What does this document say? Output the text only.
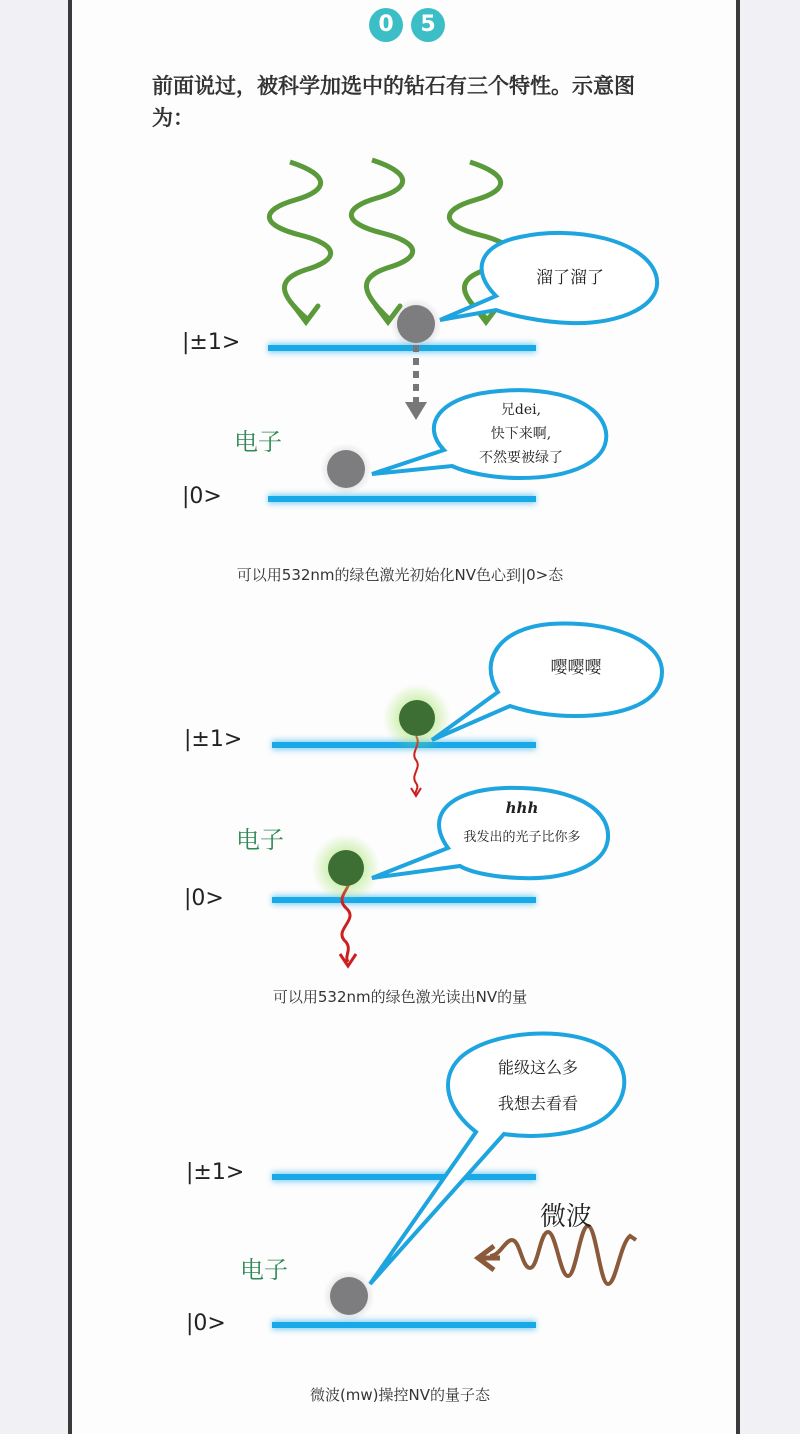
0	5
前面说过，被科学加选中的钻石有三个特性。示意图为：
|±1>
|0>
电子
溜了溜了
兄dei,
快下来啊,
不然要被绿了
可以用532nm的绿色激光初始化NV色心到|0>态
|±1>
|0>
电子
嘤嘤嘤
hhh
我发出的光子比你多
可以用532nm的绿色激光读出NV的量
|±1>
|0>
电子
能级这么多
我想去看看
微波
微波(mw)操控NV的量子态
